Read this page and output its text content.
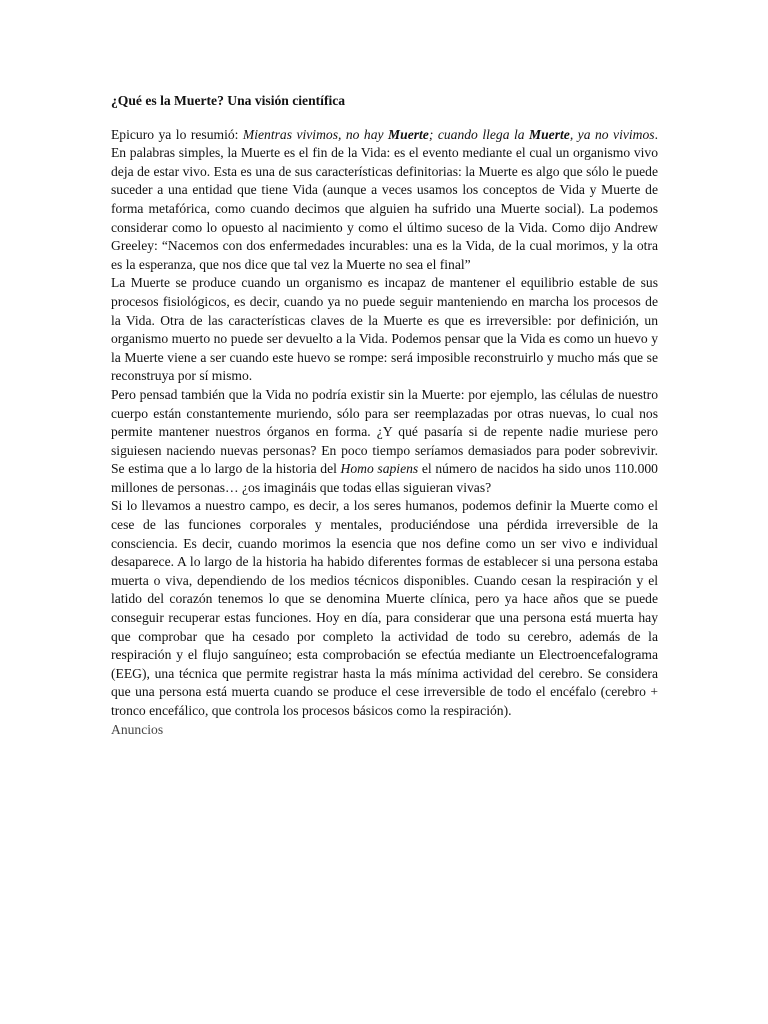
¿Qué es la Muerte? Una visión científica

Epicuro ya lo resumió: Mientras vivimos, no hay Muerte; cuando llega la Muerte, ya no vivimos. En palabras simples, la Muerte es el fin de la Vida: es el evento mediante el cual un organismo vivo deja de estar vivo. Esta es una de sus características definitorias: la Muerte es algo que sólo le puede suceder a una entidad que tiene Vida (aunque a veces usamos los conceptos de Vida y Muerte de forma metafórica, como cuando decimos que alguien ha sufrido una Muerte social). La podemos considerar como lo opuesto al nacimiento y como el último suceso de la Vida. Como dijo Andrew Greeley: “Nacemos con dos enfermedades incurables: una es la Vida, de la cual morimos, y la otra es la esperanza, que nos dice que tal vez la Muerte no sea el final”

La Muerte se produce cuando un organismo es incapaz de mantener el equilibrio estable de sus procesos fisiológicos, es decir, cuando ya no puede seguir manteniendo en marcha los procesos de la Vida. Otra de las características claves de la Muerte es que es irreversible: por definición, un organismo muerto no puede ser devuelto a la Vida. Podemos pensar que la Vida es como un huevo y la Muerte viene a ser cuando este huevo se rompe: será imposible reconstruirlo y mucho más que se reconstruya por sí mismo.

Pero pensad también que la Vida no podría existir sin la Muerte: por ejemplo, las células de nuestro cuerpo están constantemente muriendo, sólo para ser reemplazadas por otras nuevas, lo cual nos permite mantener nuestros órganos en forma. ¿Y qué pasaría si de repente nadie muriese pero siguiesen naciendo nuevas personas? En poco tiempo seríamos demasiados para poder sobrevivir. Se estima que a lo largo de la historia del Homo sapiens el número de nacidos ha sido unos 110.000 millones de personas… ¿os imagináis que todas ellas siguieran vivas?

Si lo llevamos a nuestro campo, es decir, a los seres humanos, podemos definir la Muerte como el cese de las funciones corporales y mentales, produciéndose una pérdida irreversible de la consciencia. Es decir, cuando morimos la esencia que nos define como un ser vivo e individual desaparece. A lo largo de la historia ha habido diferentes formas de establecer si una persona estaba muerta o viva, dependiendo de los medios técnicos disponibles. Cuando cesan la respiración y el latido del corazón tenemos lo que se denomina Muerte clínica, pero ya hace años que se puede conseguir recuperar estas funciones. Hoy en día, para considerar que una persona está muerta hay que comprobar que ha cesado por completo la actividad de todo su cerebro, además de la respiración y el flujo sanguíneo; esta comprobación se efectúa mediante un Electroencefalograma (EEG), una técnica que permite registrar hasta la más mínima actividad del cerebro. Se considera que una persona está muerta cuando se produce el cese irreversible de todo el encéfalo (cerebro + tronco encefálico, que controla los procesos básicos como la respiración).

Anuncios
